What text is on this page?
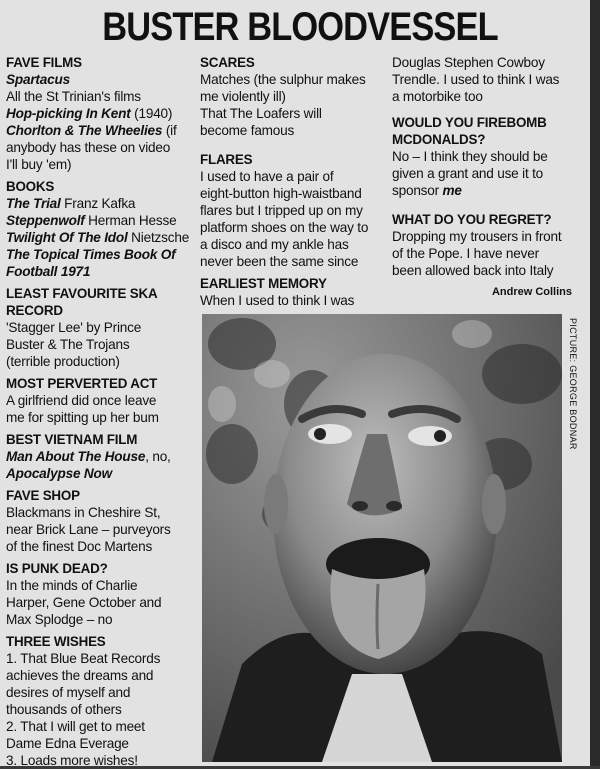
BUSTER BLOODVESSEL
FAVE FILMS
Spartacus
All the St Trinian's films
Hop-picking In Kent (1940)
Chorlton & The Wheelies (if
anybody has these on video
I'll buy 'em)
BOOKS
The Trial Franz Kafka
Steppenwolf Herman Hesse
Twilight Of The Idol Nietzsche
The Topical Times Book Of
Football 1971
LEAST FAVOURITE SKA
RECORD
'Stagger Lee' by Prince
Buster & The Trojans
(terrible production)
MOST PERVERTED ACT
A girlfriend did once leave
me for spitting up her bum
BEST VIETNAM FILM
Man About The House, no,
Apocalypse Now
FAVE SHOP
Blackmans in Cheshire St,
near Brick Lane – purveyors
of the finest Doc Martens
IS PUNK DEAD?
In the minds of Charlie
Harper, Gene October and
Max Splodge – no
THREE WISHES
1. That Blue Beat Records
achieves the dreams and
desires of myself and
thousands of others
2. That I will get to meet
Dame Edna Everage
3. Loads more wishes!
SCARES
Matches (the sulphur makes
me violently ill)
That The Loafers will
become famous
FLARES
I used to have a pair of
eight-button high-waistband
flares but I tripped up on my
platform shoes on the way to
a disco and my ankle has
never been the same since
EARLIEST MEMORY
When I used to think I was
Douglas Stephen Cowboy
Trendle. I used to think I was
a motorbike too
WOULD YOU FIREBOMB
MCDONALDS?
No – I think they should be
given a grant and use it to
sponsor me
WHAT DO YOU REGRET?
Dropping my trousers in front
of the Pope. I have never
been allowed back into Italy
Andrew Collins
PICTURE: GEORGE BODNAR
